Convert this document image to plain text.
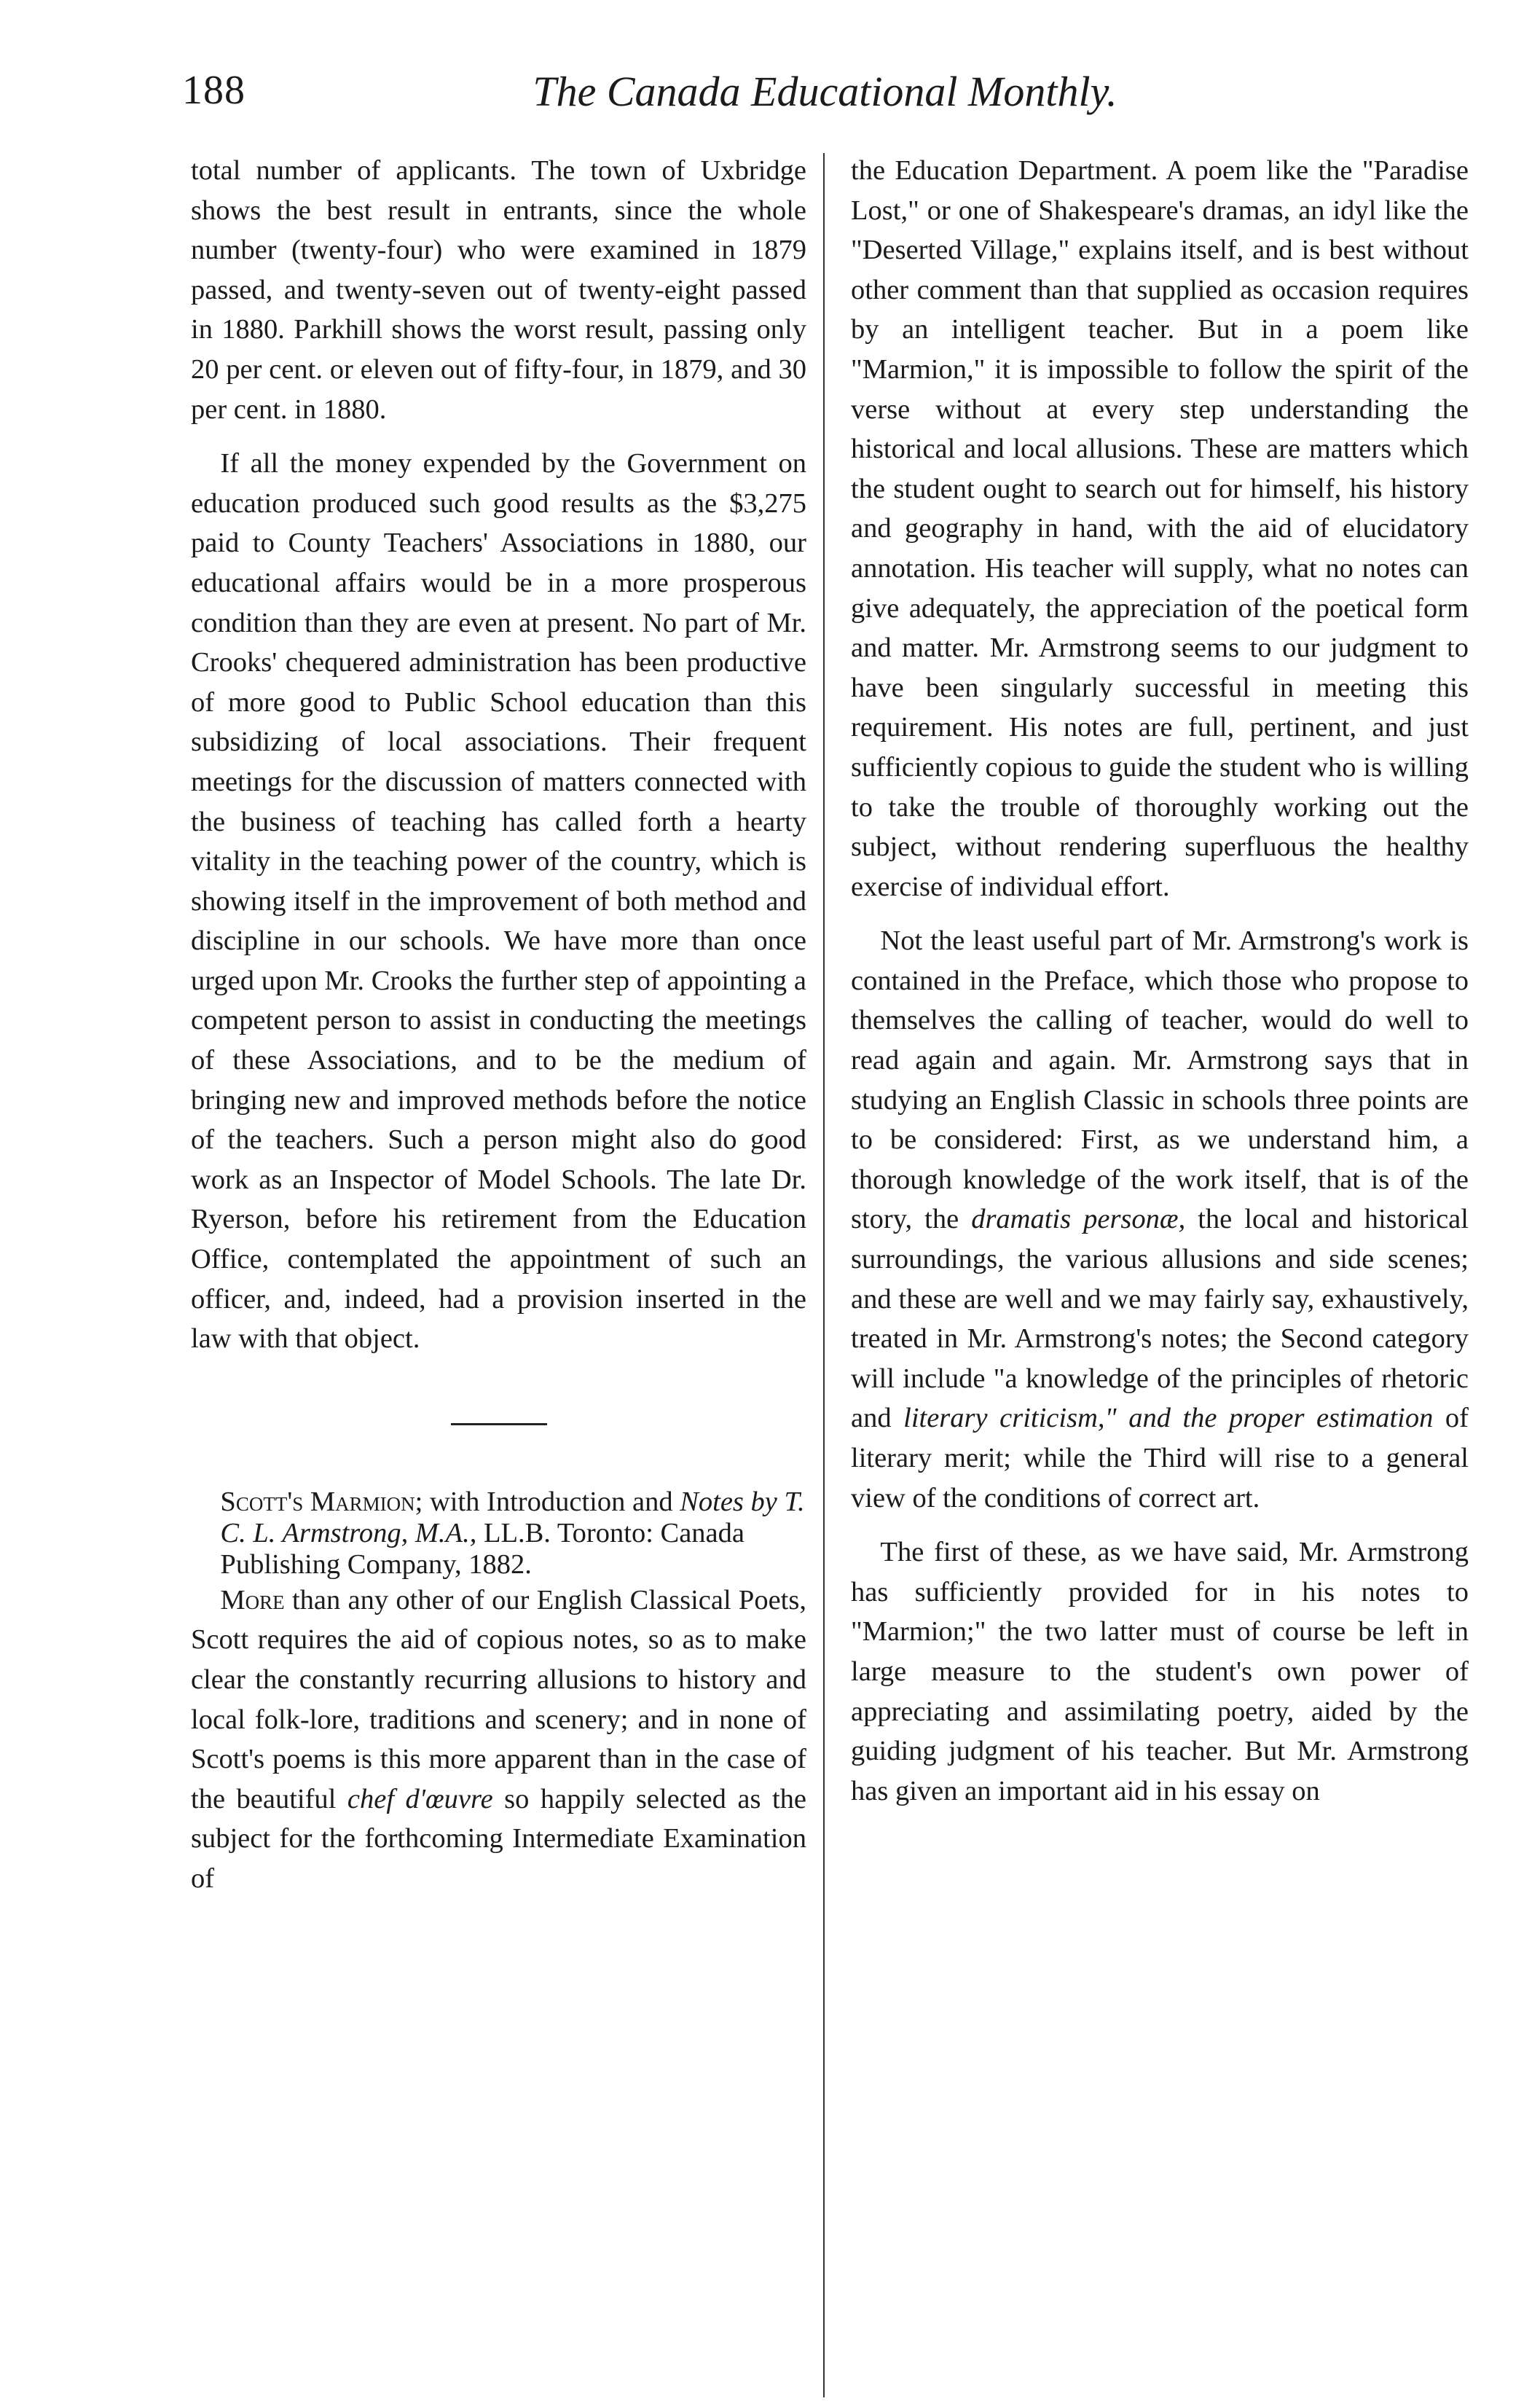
188	The Canada Educational Monthly.

total number of applicants. The town of Uxbridge shows the best result in entrants, since the whole number (twenty-four) who were examined in 1879 passed, and twenty-seven out of twenty-eight passed in 1880. Parkhill shows the worst result, passing only 20 per cent. or eleven out of fifty-four, in 1879, and 30 per cent. in 1880.

If all the money expended by the Government on education produced such good results as the $3,275 paid to County Teachers' Associations in 1880, our educational affairs would be in a more prosperous condition than they are even at present. No part of Mr. Crooks' chequered administration has been productive of more good to Public School education than this subsidizing of local associations. Their frequent meetings for the discussion of matters connected with the business of teaching has called forth a hearty vitality in the teaching power of the country, which is showing itself in the improvement of both method and discipline in our schools. We have more than once urged upon Mr. Crooks the further step of appointing a competent person to assist in conducting the meetings of these Associations, and to be the medium of bringing new and improved methods before the notice of the teachers. Such a person might also do good work as an Inspector of Model Schools. The late Dr. Ryerson, before his retirement from the Education Office, contemplated the appointment of such an officer, and, indeed, had a provision inserted in the law with that object.

Scott's Marmion; with Introduction and Notes by T. C. L. Armstrong, M.A., LL.B. Toronto: Canada Publishing Company, 1882.

More than any other of our English Classical Poets, Scott requires the aid of copious notes, so as to make clear the constantly recurring allusions to history and local folk-lore, traditions and scenery; and in none of Scott's poems is this more apparent than in the case of the beautiful chef d'œuvre so happily selected as the subject for the forthcoming Intermediate Examination of

the Education Department. A poem like the "Paradise Lost," or one of Shakespeare's dramas, an idyl like the "Deserted Village," explains itself, and is best without other comment than that supplied as occasion requires by an intelligent teacher. But in a poem like "Marmion," it is impossible to follow the spirit of the verse without at every step understanding the historical and local allusions. These are matters which the student ought to search out for himself, his history and geography in hand, with the aid of elucidatory annotation. His teacher will supply, what no notes can give adequately, the appreciation of the poetical form and matter. Mr. Armstrong seems to our judgment to have been singularly successful in meeting this requirement. His notes are full, pertinent, and just sufficiently copious to guide the student who is willing to take the trouble of thoroughly working out the subject, without rendering superfluous the healthy exercise of individual effort.

Not the least useful part of Mr. Armstrong's work is contained in the Preface, which those who propose to themselves the calling of teacher, would do well to read again and again. Mr. Armstrong says that in studying an English Classic in schools three points are to be considered: First, as we understand him, a thorough knowledge of the work itself, that is of the story, the dramatis personæ, the local and historical surroundings, the various allusions and side scenes; and these are well and we may fairly say, exhaustively, treated in Mr. Armstrong's notes; the Second category will include "a knowledge of the principles of rhetoric and literary criticism," and the proper estimation of literary merit; while the Third will rise to a general view of the conditions of correct art.

The first of these, as we have said, Mr. Armstrong has sufficiently provided for in his notes to "Marmion;" the two latter must of course be left in large measure to the student's own power of appreciating and assimilating poetry, aided by the guiding judgment of his teacher. But Mr. Armstrong has given an important aid in his essay on
